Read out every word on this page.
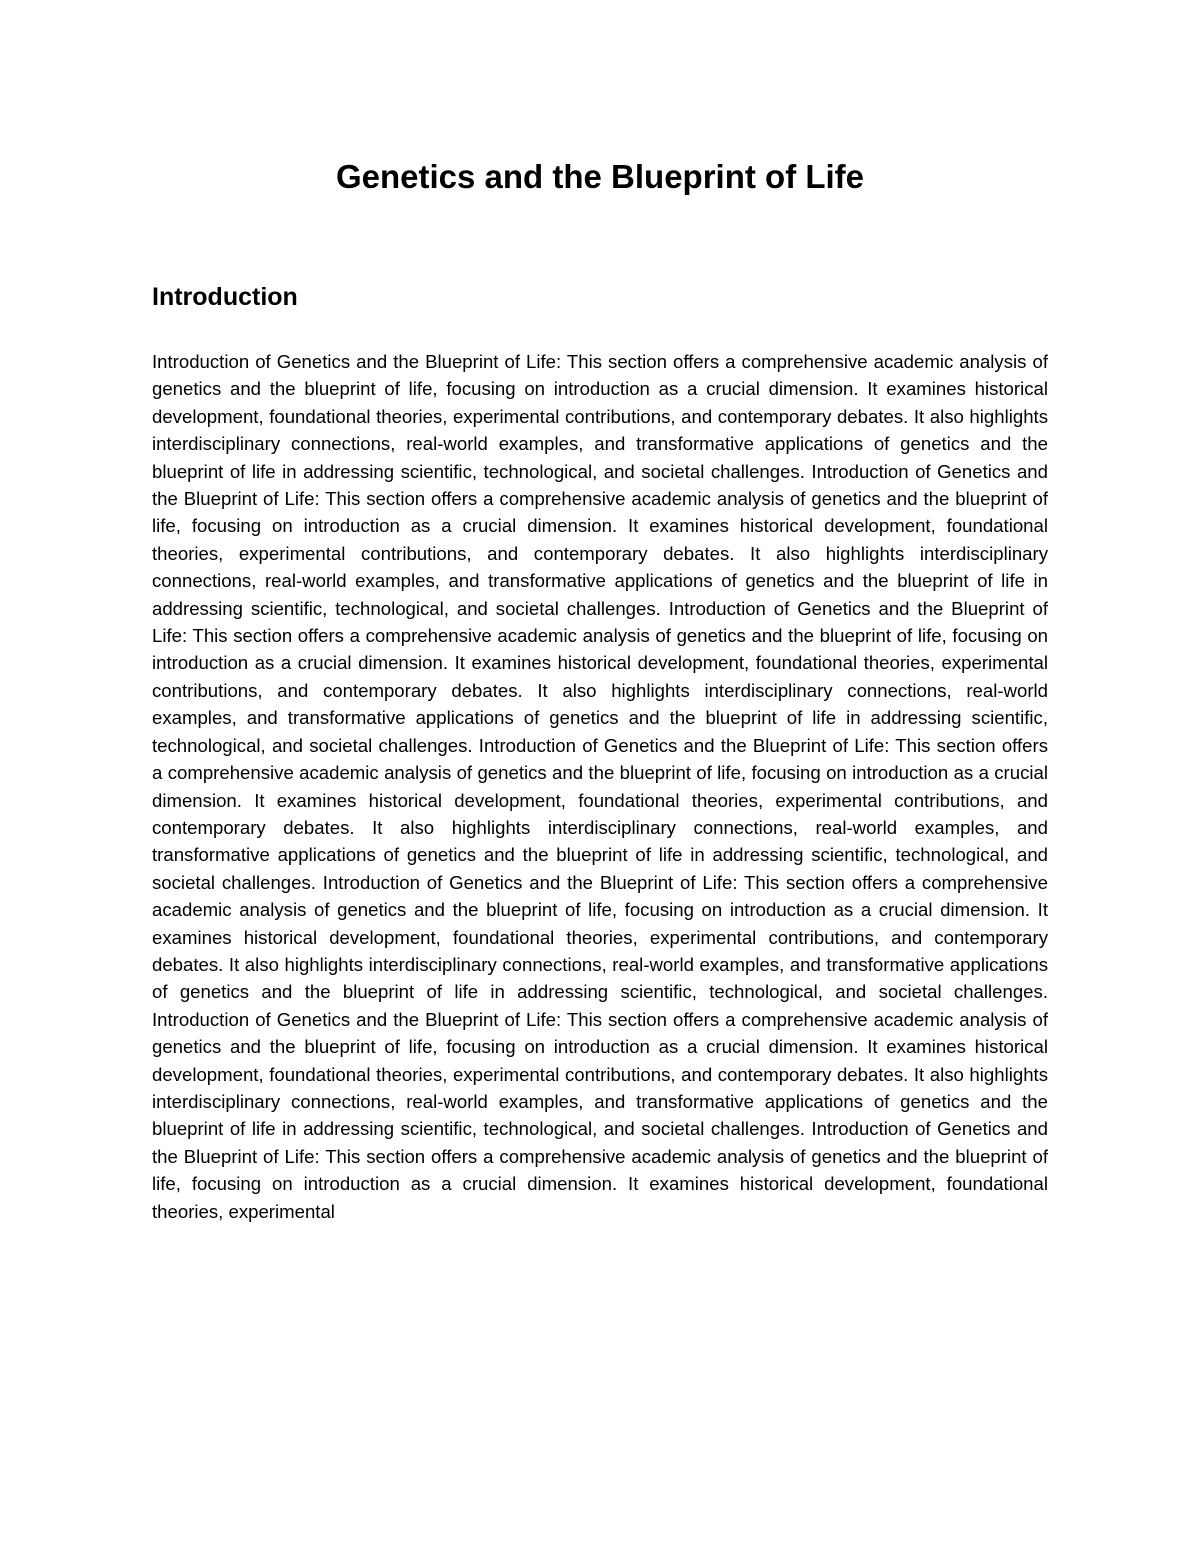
Genetics and the Blueprint of Life
Introduction

Introduction of Genetics and the Blueprint of Life: This section offers a comprehensive academic analysis of genetics and the blueprint of life, focusing on introduction as a crucial dimension. It examines historical development, foundational theories, experimental contributions, and contemporary debates. It also highlights interdisciplinary connections, real-world examples, and transformative applications of genetics and the blueprint of life in addressing scientific, technological, and societal challenges. Introduction of Genetics and the Blueprint of Life: This section offers a comprehensive academic analysis of genetics and the blueprint of life, focusing on introduction as a crucial dimension. It examines historical development, foundational theories, experimental contributions, and contemporary debates. It also highlights interdisciplinary connections, real-world examples, and transformative applications of genetics and the blueprint of life in addressing scientific, technological, and societal challenges. Introduction of Genetics and the Blueprint of Life: This section offers a comprehensive academic analysis of genetics and the blueprint of life, focusing on introduction as a crucial dimension. It examines historical development, foundational theories, experimental contributions, and contemporary debates. It also highlights interdisciplinary connections, real-world examples, and transformative applications of genetics and the blueprint of life in addressing scientific, technological, and societal challenges. Introduction of Genetics and the Blueprint of Life: This section offers a comprehensive academic analysis of genetics and the blueprint of life, focusing on introduction as a crucial dimension. It examines historical development, foundational theories, experimental contributions, and contemporary debates. It also highlights interdisciplinary connections, real-world examples, and transformative applications of genetics and the blueprint of life in addressing scientific, technological, and societal challenges. Introduction of Genetics and the Blueprint of Life: This section offers a comprehensive academic analysis of genetics and the blueprint of life, focusing on introduction as a crucial dimension. It examines historical development, foundational theories, experimental contributions, and contemporary debates. It also highlights interdisciplinary connections, real-world examples, and transformative applications of genetics and the blueprint of life in addressing scientific, technological, and societal challenges. Introduction of Genetics and the Blueprint of Life: This section offers a comprehensive academic analysis of genetics and the blueprint of life, focusing on introduction as a crucial dimension. It examines historical development, foundational theories, experimental contributions, and contemporary debates. It also highlights interdisciplinary connections, real-world examples, and transformative applications of genetics and the blueprint of life in addressing scientific, technological, and societal challenges. Introduction of Genetics and the Blueprint of Life: This section offers a comprehensive academic analysis of genetics and the blueprint of life, focusing on introduction as a crucial dimension. It examines historical development, foundational theories, experimental
